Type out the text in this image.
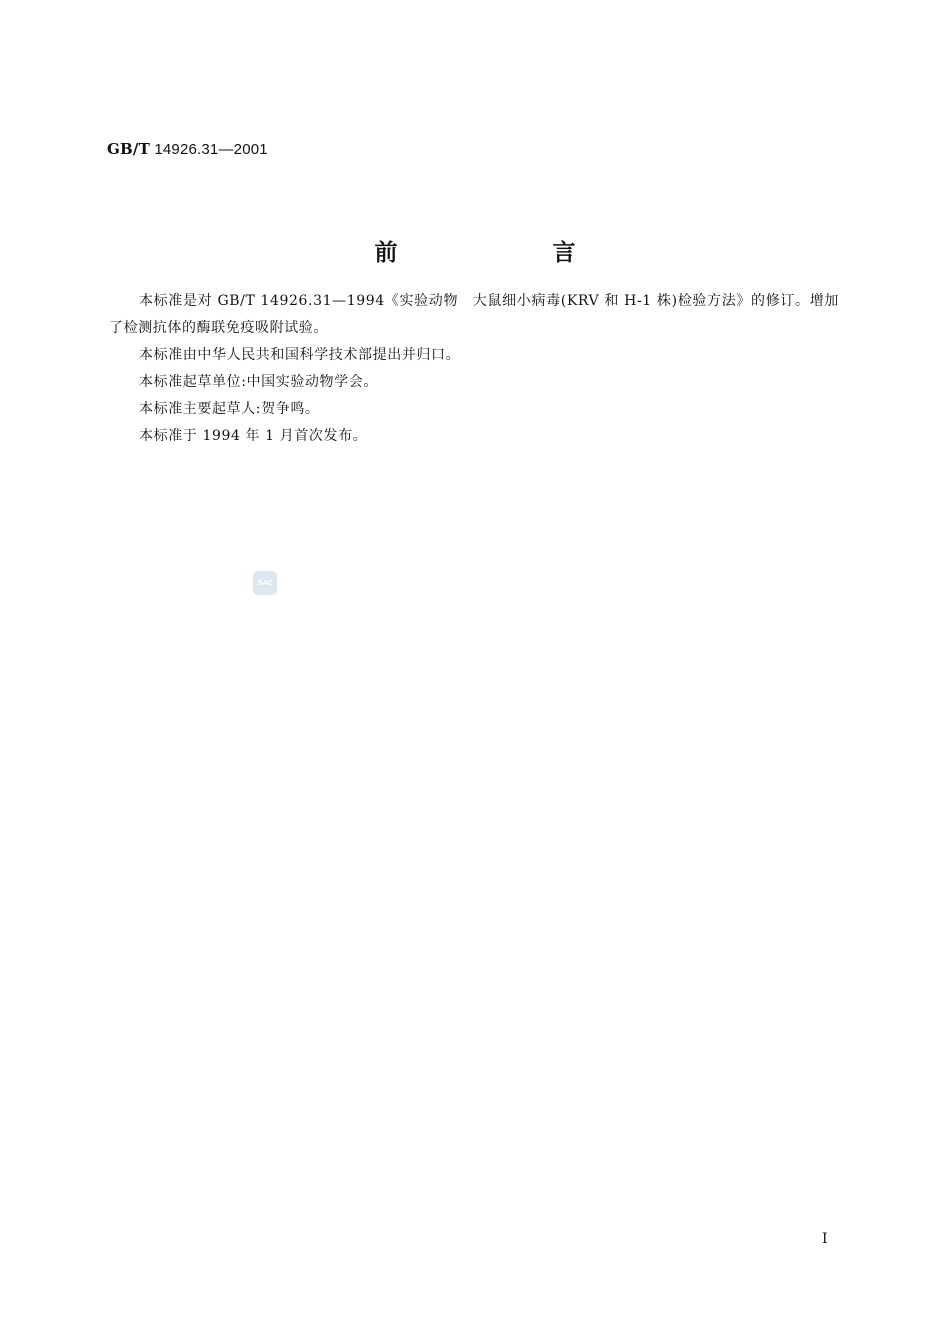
GB/T 14926.31—2001
前　言

本标准是对 GB/T 14926.31—1994《实验动物　大鼠细小病毒(KRV 和 H-1 株)检验方法》的修订。增加了检测抗体的酶联免疫吸附试验。

本标准由中华人民共和国科学技术部提出并归口。

本标准起草单位:中国实验动物学会。

本标准主要起草人:贺争鸣。

本标准于 1994 年 1 月首次发布。

SAC
I
